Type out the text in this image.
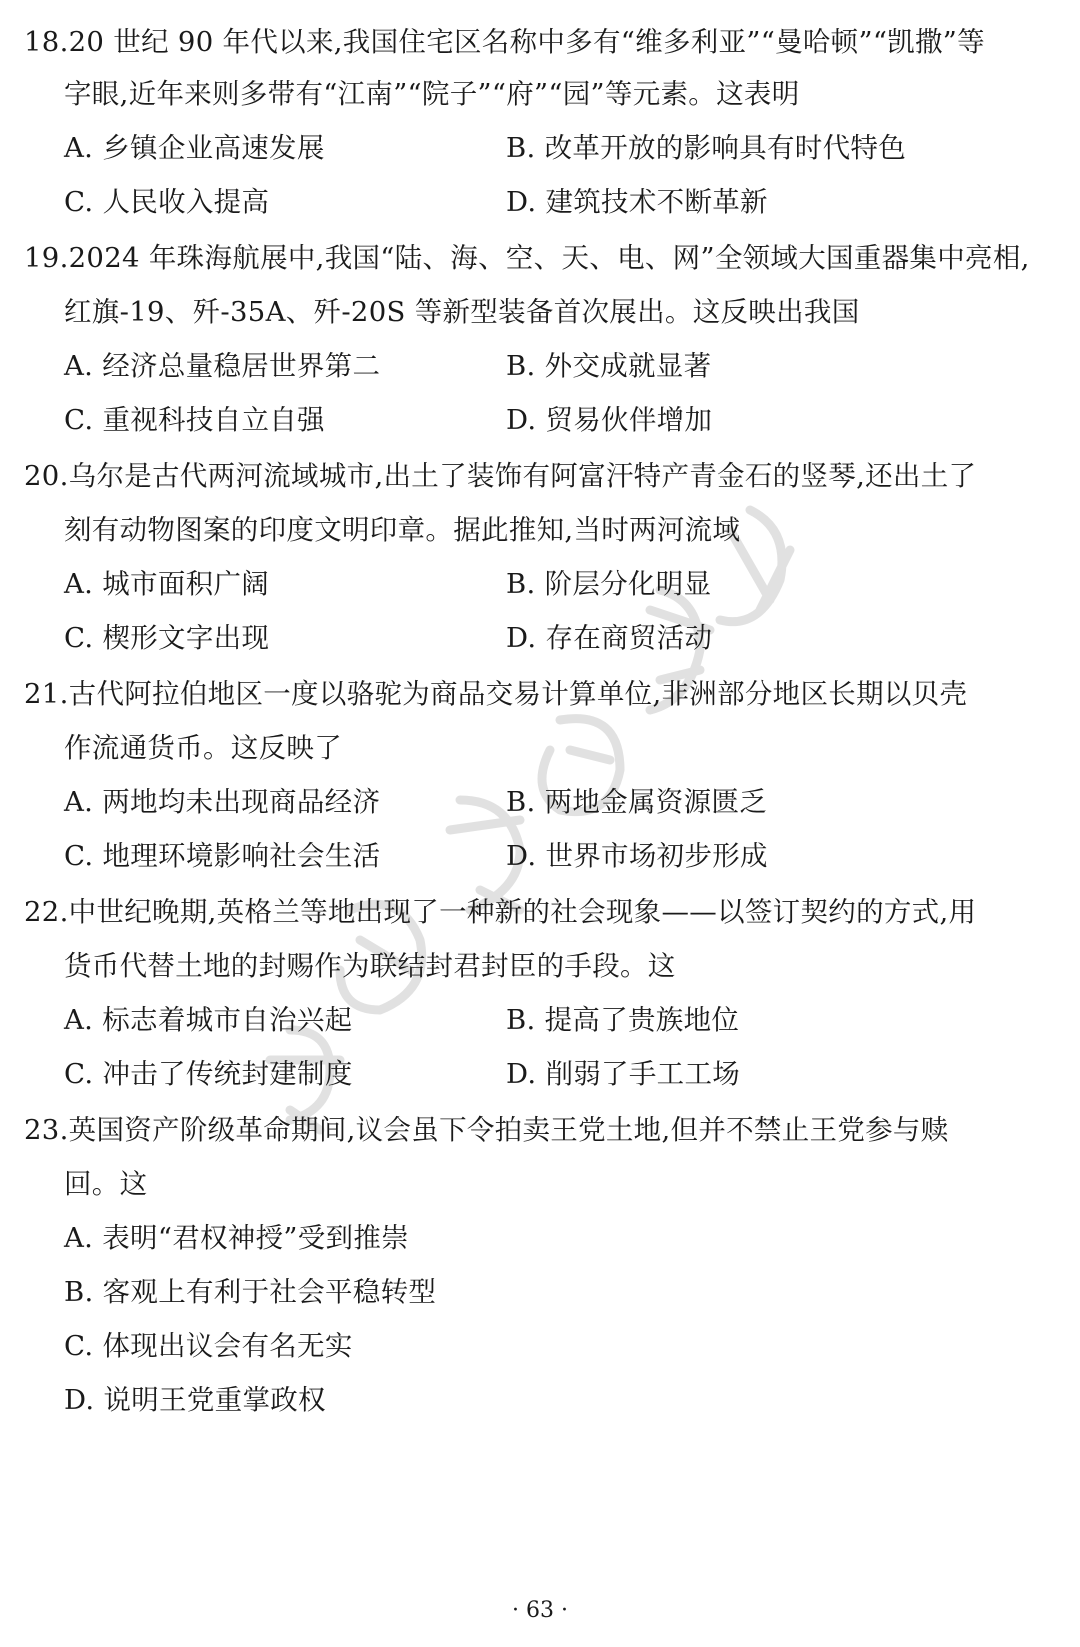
18.20 世纪 90 年代以来,我国住宅区名称中多有“维多利亚”“曼哈顿”“凯撒”等
字眼,近年来则多带有“江南”“院子”“府”“园”等元素。这表明
A. 乡镇企业高速发展	B. 改革开放的影响具有时代特色
C. 人民收入提高	D. 建筑技术不断革新
19.2024 年珠海航展中,我国“陆、海、空、天、电、网”全领域大国重器集中亮相,
红旗-19、歼-35A、歼-20S 等新型装备首次展出。这反映出我国
A. 经济总量稳居世界第二	B. 外交成就显著
C. 重视科技自立自强	D. 贸易伙伴增加
20.乌尔是古代两河流域城市,出土了装饰有阿富汗特产青金石的竖琴,还出土了
刻有动物图案的印度文明印章。据此推知,当时两河流域
A. 城市面积广阔	B. 阶层分化明显
C. 楔形文字出现	D. 存在商贸活动
21.古代阿拉伯地区一度以骆驼为商品交易计算单位,非洲部分地区长期以贝壳
作流通货币。这反映了
A. 两地均未出现商品经济	B. 两地金属资源匮乏
C. 地理环境影响社会生活	D. 世界市场初步形成
22.中世纪晚期,英格兰等地出现了一种新的社会现象——以签订契约的方式,用
货币代替土地的封赐作为联结封君封臣的手段。这
A. 标志着城市自治兴起	B. 提高了贵族地位
C. 冲击了传统封建制度	D. 削弱了手工工场
23.英国资产阶级革命期间,议会虽下令拍卖王党土地,但并不禁止王党参与赎
回。这
A. 表明“君权神授”受到推崇
B. 客观上有利于社会平稳转型
C. 体现出议会有名无实
D. 说明王党重掌政权
· 63 ·
